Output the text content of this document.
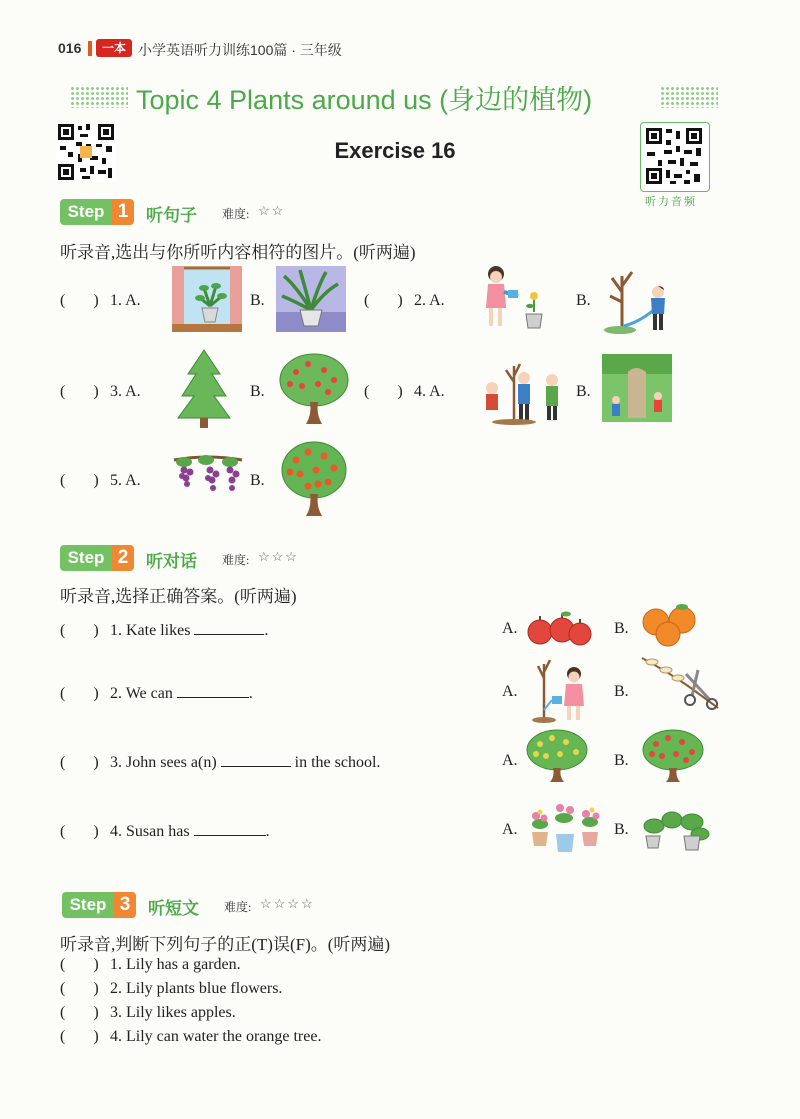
016	一本 小学英语听力训练100篇 · 三年级
Topic 4 Plants around us (身边的植物)
听力音频
Exercise 16
Step 1	听句子 难度: ☆☆
听录音,选出与你所听内容相符的图片。(听两遍)
( ) 1. A.	B.	( ) 2. A.	B.
( ) 3. A.	B.	( ) 4. A.	B.
( ) 5. A.	B.
Step 2	听对话 难度: ☆☆☆
听录音,选择正确答案。(听两遍)
( ) 1. Kate likes	.	A.	B.
( ) 2. We can	.	A.	B.
( ) 3. John sees a(n)	in the school.	A.	B.
( ) 4. Susan has	.	A.	B.
Step 3	听短文 难度: ☆☆☆☆
听录音,判断下列句子的正(T)误(F)。(听两遍)
( ) 1. Lily has a garden.
( ) 2. Lily plants blue flowers.
( ) 3. Lily likes apples.
( ) 4. Lily can water the orange tree.
